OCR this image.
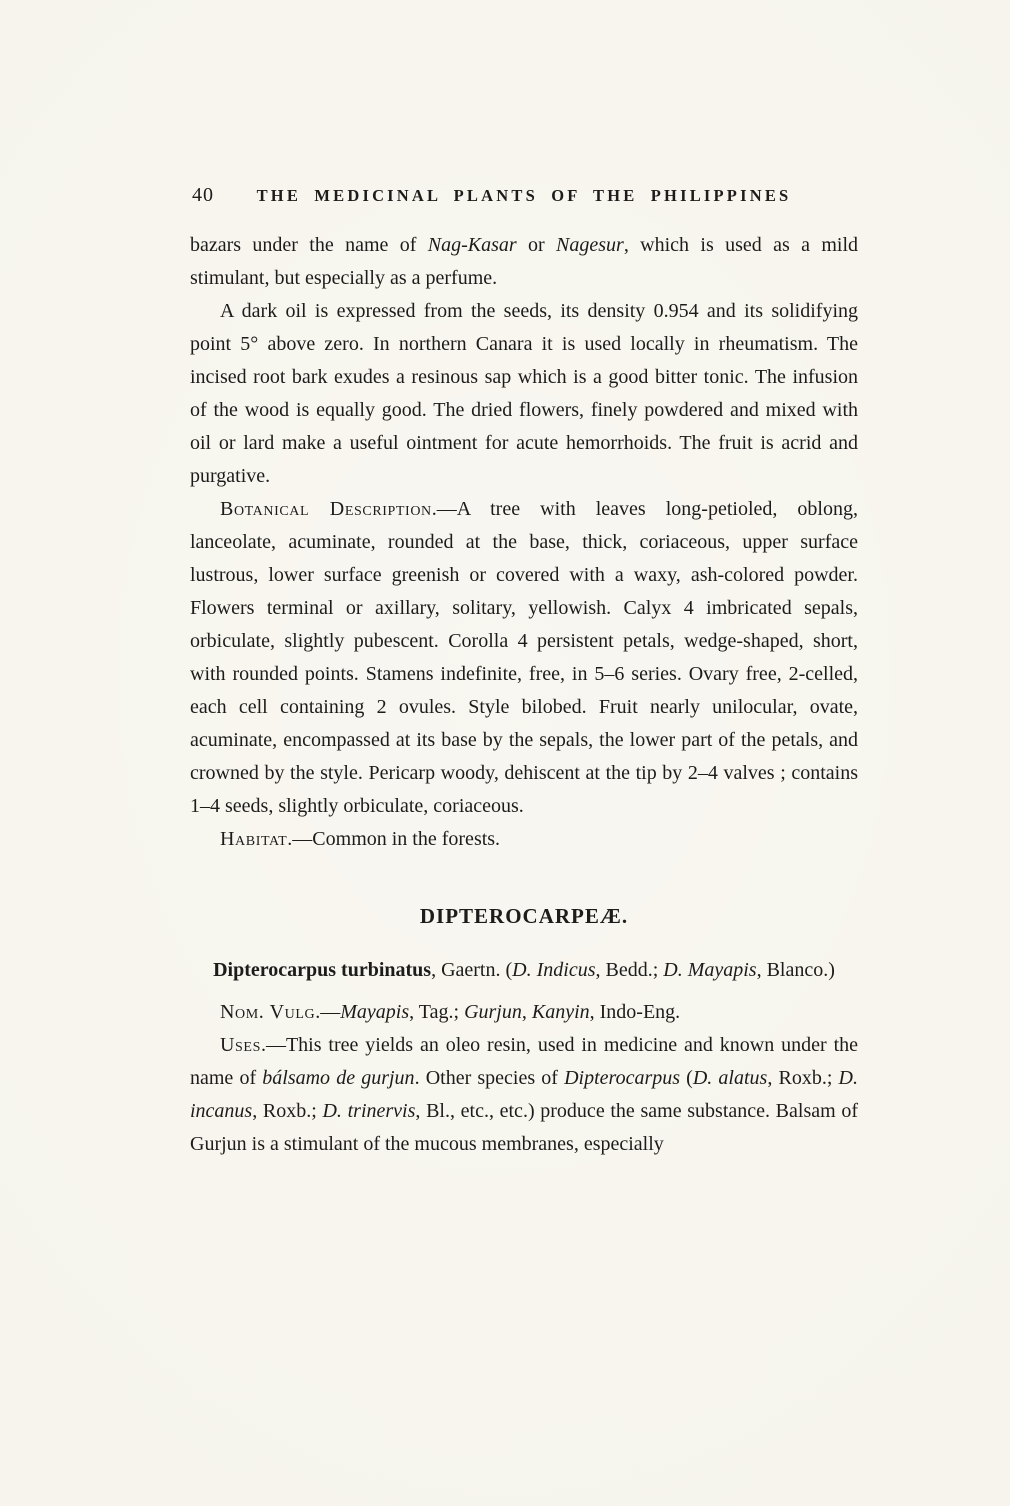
40	THE MEDICINAL PLANTS OF THE PHILIPPINES

bazars under the name of Nag-Kasar or Nagesur, which is used as a mild stimulant, but especially as a perfume.

A dark oil is expressed from the seeds, its density 0.954 and its solidifying point 5° above zero. In northern Canara it is used locally in rheumatism. The incised root bark exudes a resinous sap which is a good bitter tonic. The infusion of the wood is equally good. The dried flowers, finely powdered and mixed with oil or lard make a useful ointment for acute hemorrhoids. The fruit is acrid and purgative.

Botanical Description.—A tree with leaves long-petioled, oblong, lanceolate, acuminate, rounded at the base, thick, coriaceous, upper surface lustrous, lower surface greenish or covered with a waxy, ash-colored powder. Flowers terminal or axillary, solitary, yellowish. Calyx 4 imbricated sepals, orbiculate, slightly pubescent. Corolla 4 persistent petals, wedge-shaped, short, with rounded points. Stamens indefinite, free, in 5–6 series. Ovary free, 2-celled, each cell containing 2 ovules. Style bilobed. Fruit nearly unilocular, ovate, acuminate, encompassed at its base by the sepals, the lower part of the petals, and crowned by the style. Pericarp woody, dehiscent at the tip by 2–4 valves ; contains 1–4 seeds, slightly orbiculate, coriaceous.

Habitat.—Common in the forests.

DIPTEROCARPEÆ.

Dipterocarpus turbinatus, Gaertn. (D. Indicus, Bedd.; D. Mayapis, Blanco.)

Nom. Vulg.—Mayapis, Tag.; Gurjun, Kanyin, Indo-Eng.

Uses.—This tree yields an oleo resin, used in medicine and known under the name of bálsamo de gurjun. Other species of Dipterocarpus (D. alatus, Roxb.; D. incanus, Roxb.; D. trinervis, Bl., etc., etc.) produce the same substance. Balsam of Gurjun is a stimulant of the mucous membranes, especially
